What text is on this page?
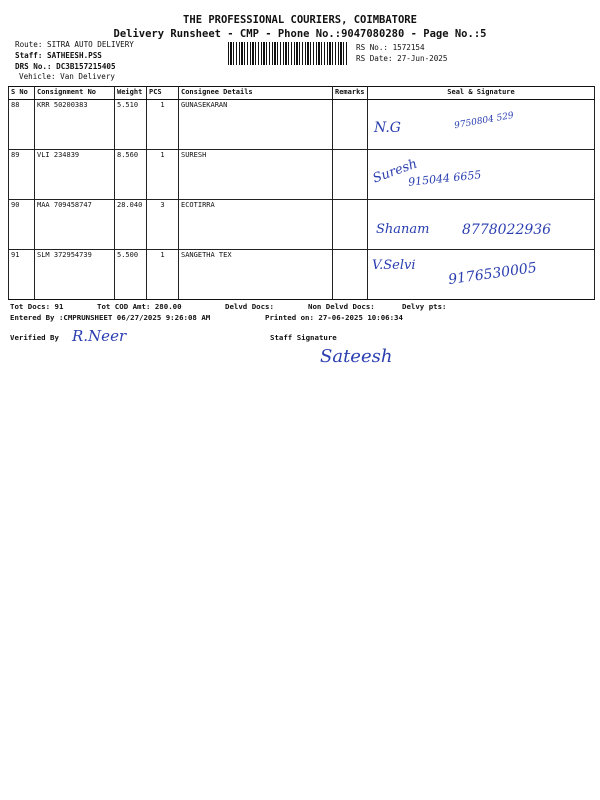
THE PROFESSIONAL COURIERS, COIMBATORE
Delivery Runsheet - CMP - Phone No.:9047080280 - Page No.:5
Route: SITRA AUTO DELIVERY
Staff: SATHEESH.PSS
DRS No.: DC3B157215405
Vehicle: Van Delivery
RS No.: 1572154
RS Date: 27-Jun-2025
S No	Consignment No	Weight	PCS	Consignee Details	Remarks	Seal & Signature
88	KRR 50200383	5.510	1	GUNASEKARAN		N.G 9750804 529

89	VLI 234839	8.560	1	SURESH		Suresh
915044 6655

90	MAA 709458747	28.040	3	ECOTIRRA		Shanam 8778022936

91	SLM 372954739	5.500	1	SANGETHA TEX		V.Selvi 9176530005
Tot Docs: 91	Tot COD Amt: 280.00	Delvd Docs:	Non Delvd Docs:	Delvy pts:
Entered By :CMPRUNSHEET 06/27/2025 9:26:08 AM	Printed on: 27-06-2025 10:06:34
Verified By R.Neer	Staff Signature
Sateesh
